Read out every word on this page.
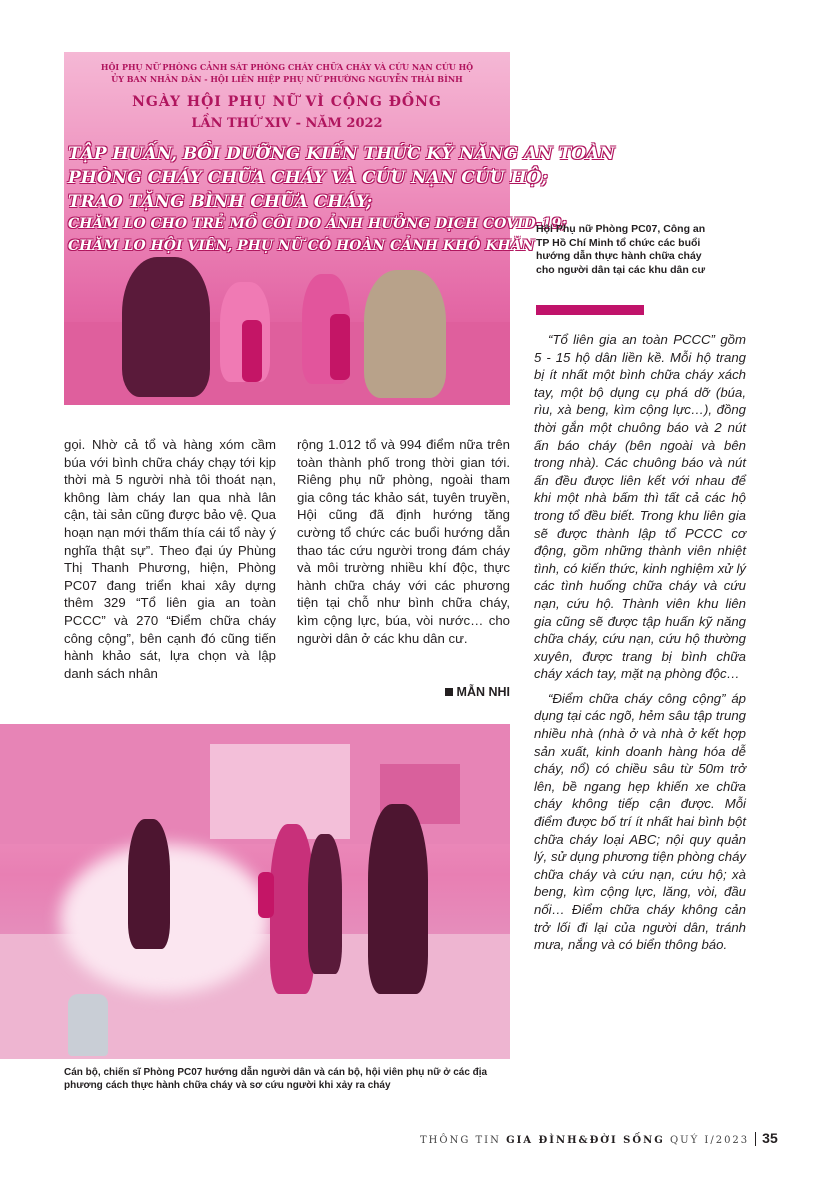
HỘI PHỤ NỮ PHÒNG CẢNH SÁT PHÒNG CHÁY CHỮA CHÁY VÀ CỨU NẠN CỨU HỘ
ỦY BAN NHÂN DÂN - HỘI LIÊN HIỆP PHỤ NỮ PHƯỜNG NGUYỄN THÁI BÌNH
NGÀY HỘI PHỤ NỮ VÌ CỘNG ĐỒNG
LẦN THỨ XIV - NĂM 2022
TẬP HUẤN, BỒI DƯỠNG KIẾN THỨC KỸ NĂNG AN TOÀN
PHÒNG CHÁY CHỮA CHÁY VÀ CỨU NẠN CỨU HỘ;
TRAO TẶNG BÌNH CHỮA CHÁY;
CHĂM LO CHO TRẺ MỒ CÔI DO ẢNH HƯỞNG DỊCH COVID-19;
CHĂM LO HỘI VIÊN, PHỤ NỮ CÓ HOÀN CẢNH KHÓ KHĂN
Hội Phụ nữ Phòng PC07, Công an TP Hồ Chí Minh tổ chức các buổi hướng dẫn thực hành chữa cháy cho người dân tại các khu dân cư

gọi. Nhờ cả tổ và hàng xóm cầm búa với bình chữa cháy chạy tới kịp thời mà 5 người nhà tôi thoát nạn, không làm cháy lan qua nhà lân cận, tài sản cũng được bảo vệ. Qua hoạn nạn mới thấm thía cái tổ này ý nghĩa thật sự”. Theo đại úy Phùng Thị Thanh Phương, hiện, Phòng PC07 đang triển khai xây dựng thêm 329 “Tổ liên gia an toàn PCCC” và 270 “Điểm chữa cháy công cộng”, bên cạnh đó cũng tiến hành khảo sát, lựa chọn và lập danh sách nhân

rộng 1.012 tổ và 994 điểm nữa trên toàn thành phố trong thời gian tới. Riêng phụ nữ phòng, ngoài tham gia công tác khảo sát, tuyên truyền, Hội cũng đã định hướng tăng cường tổ chức các buổi hướng dẫn thao tác cứu người trong đám cháy và môi trường nhiều khí độc, thực hành chữa cháy với các phương tiện tại chỗ như bình chữa cháy, kìm cộng lực, búa, vòi nước… cho người dân ở các khu dân cư.

MẪN NHI

“Tổ liên gia an toàn PCCC” gồm 5 - 15 hộ dân liền kề. Mỗi hộ trang bị ít nhất một bình chữa cháy xách tay, một bộ dụng cụ phá dỡ (búa, rìu, xà beng, kìm cộng lực…), đồng thời gắn một chuông báo và 2 nút ấn báo cháy (bên ngoài và bên trong nhà). Các chuông báo và nút ấn đều được liên kết với nhau để khi một nhà bấm thì tất cả các hộ trong tổ đều biết. Trong khu liên gia sẽ được thành lập tổ PCCC cơ động, gồm những thành viên nhiệt tình, có kiến thức, kinh nghiệm xử lý các tình huống chữa cháy và cứu nạn, cứu hộ. Thành viên khu liên gia cũng sẽ được tập huấn kỹ năng chữa cháy, cứu nạn, cứu hộ thường xuyên, được trang bị bình chữa cháy xách tay, mặt nạ phòng độc…

“Điểm chữa cháy công cộng” áp dụng tại các ngõ, hẻm sâu tập trung nhiều nhà (nhà ở và nhà ở kết hợp sản xuất, kinh doanh hàng hóa dễ cháy, nổ) có chiều sâu từ 50m trở lên, bề ngang hẹp khiến xe chữa cháy không tiếp cận được. Mỗi điểm được bố trí ít nhất hai bình bột chữa cháy loại ABC; nội quy quản lý, sử dụng phương tiện phòng cháy chữa cháy và cứu nạn, cứu hộ; xà beng, kìm cộng lực, lăng, vòi, đầu nối… Điểm chữa cháy không cản trở lối đi lại của người dân, tránh mưa, nắng và có biển thông báo.

Cán bộ, chiến sĩ Phòng PC07 hướng dẫn người dân và cán bộ, hội viên phụ nữ ở các địa phương cách thực hành chữa cháy và sơ cứu người khi xảy ra cháy
THÔNG TIN GIA ĐÌNH&ĐỜI SỐNG QUÝ I/2023 35
